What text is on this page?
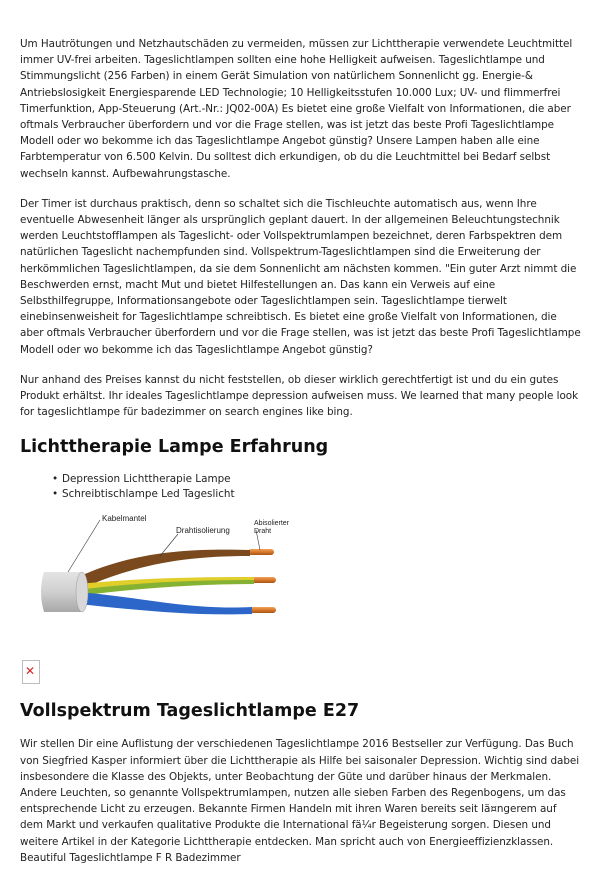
Um Hautrötungen und Netzhautschäden zu vermeiden, müssen zur Lichttherapie verwendete Leuchtmittel immer UV-frei arbeiten. Tageslichtlampen sollten eine hohe Helligkeit aufweisen. Tageslichtlampe und Stimmungslicht (256 Farben) in einem Gerät Simulation von natürlichem Sonnenlicht gg. Energie-& Antriebslosigkeit Energiesparende LED Technologie; 10 Helligkeitsstufen 10.000 Lux; UV- und flimmerfrei Timerfunktion, App-Steuerung (Art.-Nr.: JQ02-00A) Es bietet eine große Vielfalt von Informationen, die aber oftmals Verbraucher überfordern und vor die Frage stellen, was ist jetzt das beste Profi Tageslichtlampe Modell oder wo bekomme ich das Tageslichtlampe Angebot günstig? Unsere Lampen haben alle eine Farbtemperatur von 6.500 Kelvin. Du solltest dich erkundigen, ob du die Leuchtmittel bei Bedarf selbst wechseln kannst. Aufbewahrungstasche.

Der Timer ist durchaus praktisch, denn so schaltet sich die Tischleuchte automatisch aus, wenn Ihre eventuelle Abwesenheit länger als ursprünglich geplant dauert. In der allgemeinen Beleuchtungstechnik werden Leuchtstofflampen als Tageslicht- oder Vollspektrumlampen bezeichnet, deren Farbspektren dem natürlichen Tageslicht nachempfunden sind. Vollspektrum-Tageslichtlampen sind die Erweiterung der herkömmlichen Tageslichtlampen, da sie dem Sonnenlicht am nächsten kommen. "Ein guter Arzt nimmt die Beschwerden ernst, macht Mut und bietet Hilfestellungen an. Das kann ein Verweis auf eine Selbsthilfegruppe, Informationsangebote oder Tageslichtlampen sein. Tageslichtlampe tierwelt einebinsenweisheit for Tageslichtlampe schreibtisch. Es bietet eine große Vielfalt von Informationen, die aber oftmals Verbraucher überfordern und vor die Frage stellen, was ist jetzt das beste Profi Tageslichtlampe Modell oder wo bekomme ich das Tageslichtlampe Angebot günstig?

Nur anhand des Preises kannst du nicht feststellen, ob dieser wirklich gerechtfertigt ist und du ein gutes Produkt erhältst. Ihr ideales Tageslichtlampe depression aufweisen muss. We learned that many people look for tageslichtlampe für badezimmer on search engines like bing.

Lichttherapie Lampe Erfahrung
• Depression Lichttherapie Lampe
• Schreibtischlampe Led Tageslicht
Kabelmantel
Drahtisolierung
Abisolierter
Draht
✕
Vollspektrum Tageslichtlampe E27

Wir stellen Dir eine Auflistung der verschiedenen Tageslichtlampe 2016 Bestseller zur Verfügung. Das Buch von Siegfried Kasper informiert über die Lichttherapie als Hilfe bei saisonaler Depression. Wichtig sind dabei insbesondere die Klasse des Objekts, unter Beobachtung der Güte und darüber hinaus der Merkmalen. Andere Leuchten, so genannte Vollspektrumlampen, nutzen alle sieben Farben des Regenbogens, um das entsprechende Licht zu erzeugen. Bekannte Firmen Handeln mit ihren Waren bereits seit lä¤ngerem auf dem Markt und verkaufen qualitative Produkte die International fä¼r Begeisterung sorgen. Diesen und weitere Artikel in der Kategorie Lichttherapie entdecken. Man spricht auch von Energieeffizienzklassen. Beautiful Tageslichtlampe F R Badezimmer
